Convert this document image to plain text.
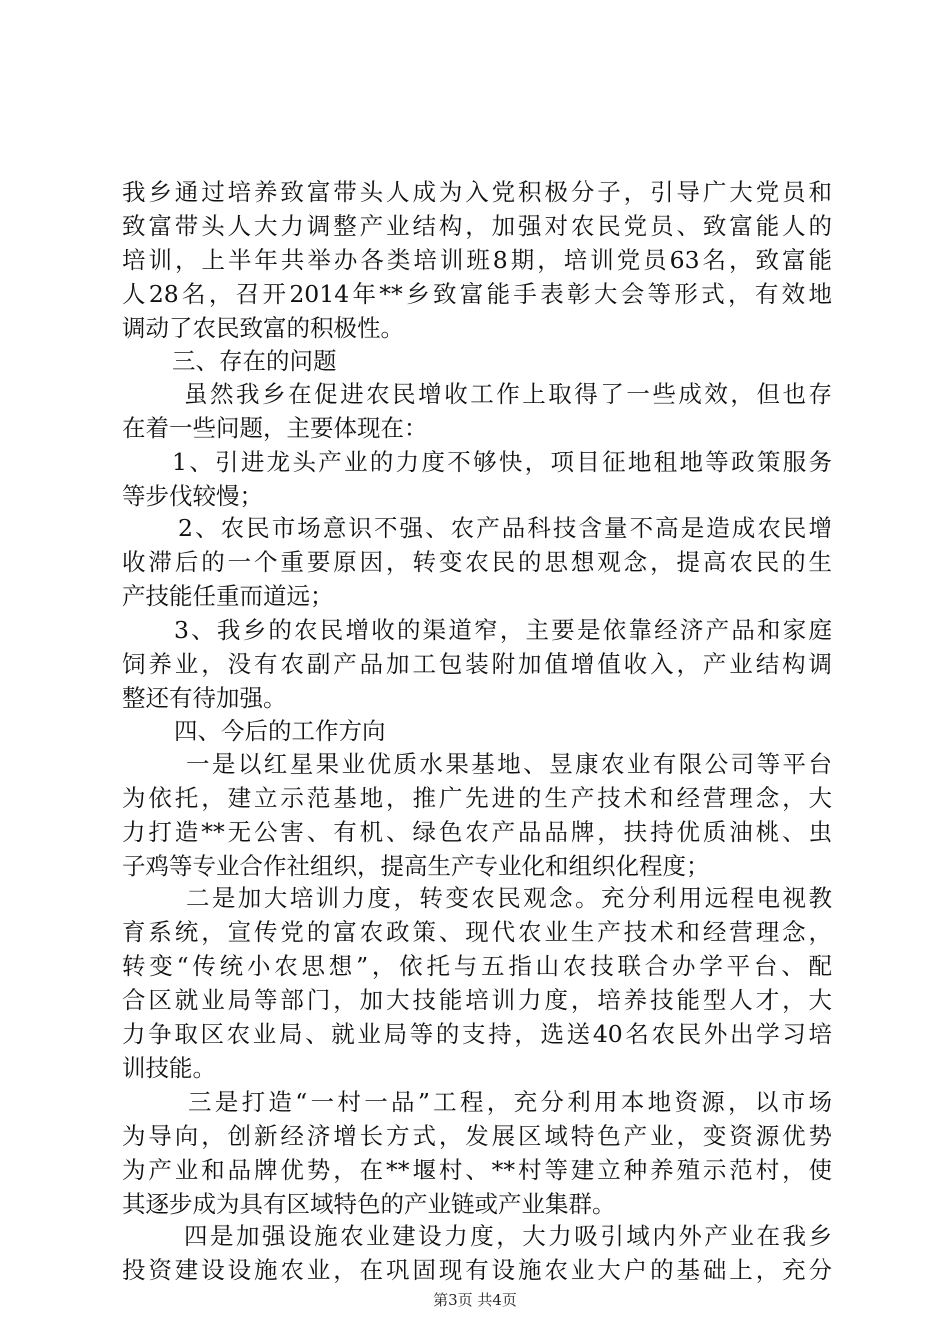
我乡通过培养致富带头人成为入党积极分子，引导广大党员和
致富带头人大力调整产业结构，加强对农民党员、致富能人的
培训，上半年共举办各类培训班8期，培训党员63名，致富能
人28名，召开2014年**乡致富能手表彰大会等形式，有效地
调动了农民致富的积极性。
三、存在的问题
虽然我乡在促进农民增收工作上取得了一些成效，但也存
在着一些问题，主要体现在：
1、引进龙头产业的力度不够快，项目征地租地等政策服务
等步伐较慢；
2、农民市场意识不强、农产品科技含量不高是造成农民增
收滞后的一个重要原因，转变农民的思想观念，提高农民的生
产技能任重而道远；
3、我乡的农民增收的渠道窄，主要是依靠经济产品和家庭
饲养业，没有农副产品加工包装附加值增值收入，产业结构调
整还有待加强。
四、今后的工作方向
一是以红星果业优质水果基地、昱康农业有限公司等平台
为依托，建立示范基地，推广先进的生产技术和经营理念，大
力打造**无公害、有机、绿色农产品品牌，扶持优质油桃、虫
子鸡等专业合作社组织，提高生产专业化和组织化程度；
二是加大培训力度，转变农民观念。充分利用远程电视教
育系统，宣传党的富农政策、现代农业生产技术和经营理念，
转变“传统小农思想”，依托与五指山农技联合办学平台、配
合区就业局等部门，加大技能培训力度，培养技能型人才，大
力争取区农业局、就业局等的支持，选送40名农民外出学习培
训技能。
三是打造“一村一品”工程，充分利用本地资源，以市场
为导向，创新经济增长方式，发展区域特色产业，变资源优势
为产业和品牌优势，在**堰村、**村等建立种养殖示范村，使
其逐步成为具有区域特色的产业链或产业集群。
四是加强设施农业建设力度，大力吸引域内外产业在我乡
投资建设设施农业，在巩固现有设施农业大户的基础上，充分
第3页 共4页
